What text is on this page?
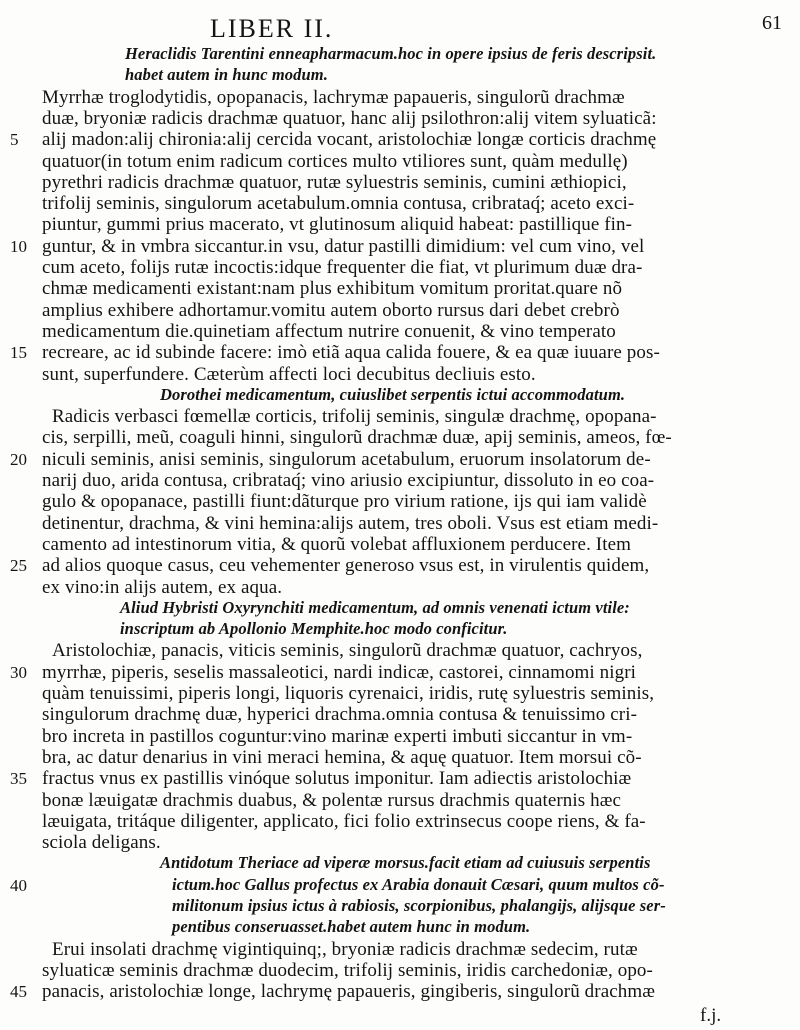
LIBER II.	61
Heraclidis Tarentini enneapharmacum.hoc in opere ipsius de feris descripsit.
habet autem in hunc modum.
Myrrhæ troglodytidis, opopanacis, lachrymæ papaueris, singulorũ drachmæ
duæ, bryoniæ radicis drachmæ quatuor, hanc alij psilothron:alij vitem syluaticã:
5 alij madon:alij chironia:alij cercida vocant, aristolochiæ longæ corticis drachmę
quatuor(in totum enim radicum cortices multo vtiliores sunt, quàm medullę)
pyrethri radicis drachmæ quatuor, rutæ syluestris seminis, cumini æthiopici,
trifolij seminis, singulorum acetabulum.omnia contusa, cribrataq́; aceto exci-
piuntur, gummi prius macerato, vt glutinosum aliquid habeat: pastillique fin-
10 guntur, & in vmbra siccantur.in vsu, datur pastilli dimidium: vel cum vino, vel
cum aceto, folijs rutæ incoctis:idque frequenter die fiat, vt plurimum duæ dra-
chmæ medicamenti existant:nam plus exhibitum vomitum proritat.quare nõ
amplius exhibere adhortamur.vomitu autem oborto rursus dari debet crebrò
medicamentum die.quinetiam affectum nutrire conuenit, & vino temperato
15 recreare, ac id subinde facere: imò etiã aqua calida fouere, & ea quæ iuuare pos-
sunt, superfundere. Cæterùm affecti loci decubitus decliuis esto.
Dorothei medicamentum, cuiuslibet serpentis ictui accommodatum.
Radicis verbasci fœmellæ corticis, trifolij seminis, singulæ drachmę, opopana-
cis, serpilli, meũ, coaguli hinni, singulorũ drachmæ duæ, apij seminis, ameos, fœ-
20 niculi seminis, anisi seminis, singulorum acetabulum, eruorum insolatorum de-
narij duo, arida contusa, cribrataq́; vino ariusio excipiuntur, dissoluto in eo coa-
gulo & opopanace, pastilli fiunt:dãturque pro virium ratione, ijs qui iam validè
detinentur, drachma, & vini hemina:alijs autem, tres oboli. Vsus est etiam medi-
camento ad intestinorum vitia, & quorũ volebat affluxionem perducere. Item
25 ad alios quoque casus, ceu vehementer generoso vsus est, in virulentis quidem,
ex vino:in alijs autem, ex aqua.
Aliud Hybristi Oxyrynchiti medicamentum, ad omnis venenati ictum vtile:
inscriptum ab Apollonio Memphite.hoc modo conficitur.
Aristolochiæ, panacis, viticis seminis, singulorũ drachmæ quatuor, cachryos,
30 myrrhæ, piperis, seselis massaleotici, nardi indicæ, castorei, cinnamomi nigri
quàm tenuissimi, piperis longi, liquoris cyrenaici, iridis, rutę syluestris seminis,
singulorum drachmę duæ, hyperici drachma.omnia contusa & tenuissimo cri-
bro increta in pastillos coguntur:vino marinæ experti imbuti siccantur in vm-
bra, ac datur denarius in vini meraci hemina, & aquę quatuor. Item morsui cõ-
35 fractus vnus ex pastillis vinóque solutus imponitur. Iam adiectis aristolochiæ
bonæ læuigatæ drachmis duabus, & polentæ rursus drachmis quaternis hæc
læuigata, tritáque diligenter, applicato, fici folio extrinsecus coope riens, & fa-
sciola deligans.
Antidotum Theriace ad viperæ morsus.facit etiam ad cuiusuis serpentis
40	ictum.hoc Gallus profectus ex Arabia donauit Cæsari, quum multos cõ-
militonum ipsius ictus à rabiosis, scorpionibus, phalangijs, alijsque ser-
pentibus conseruasset.habet autem hunc in modum.
Erui insolati drachmę vigintiquinq;, bryoniæ radicis drachmæ sedecim, rutæ
syluaticæ seminis drachmæ duodecim, trifolij seminis, iridis carchedoniæ, opo-
45 panacis, aristolochiæ longe, lachrymę papaueris, gingiberis, singulorũ drachmæ
f.j.
